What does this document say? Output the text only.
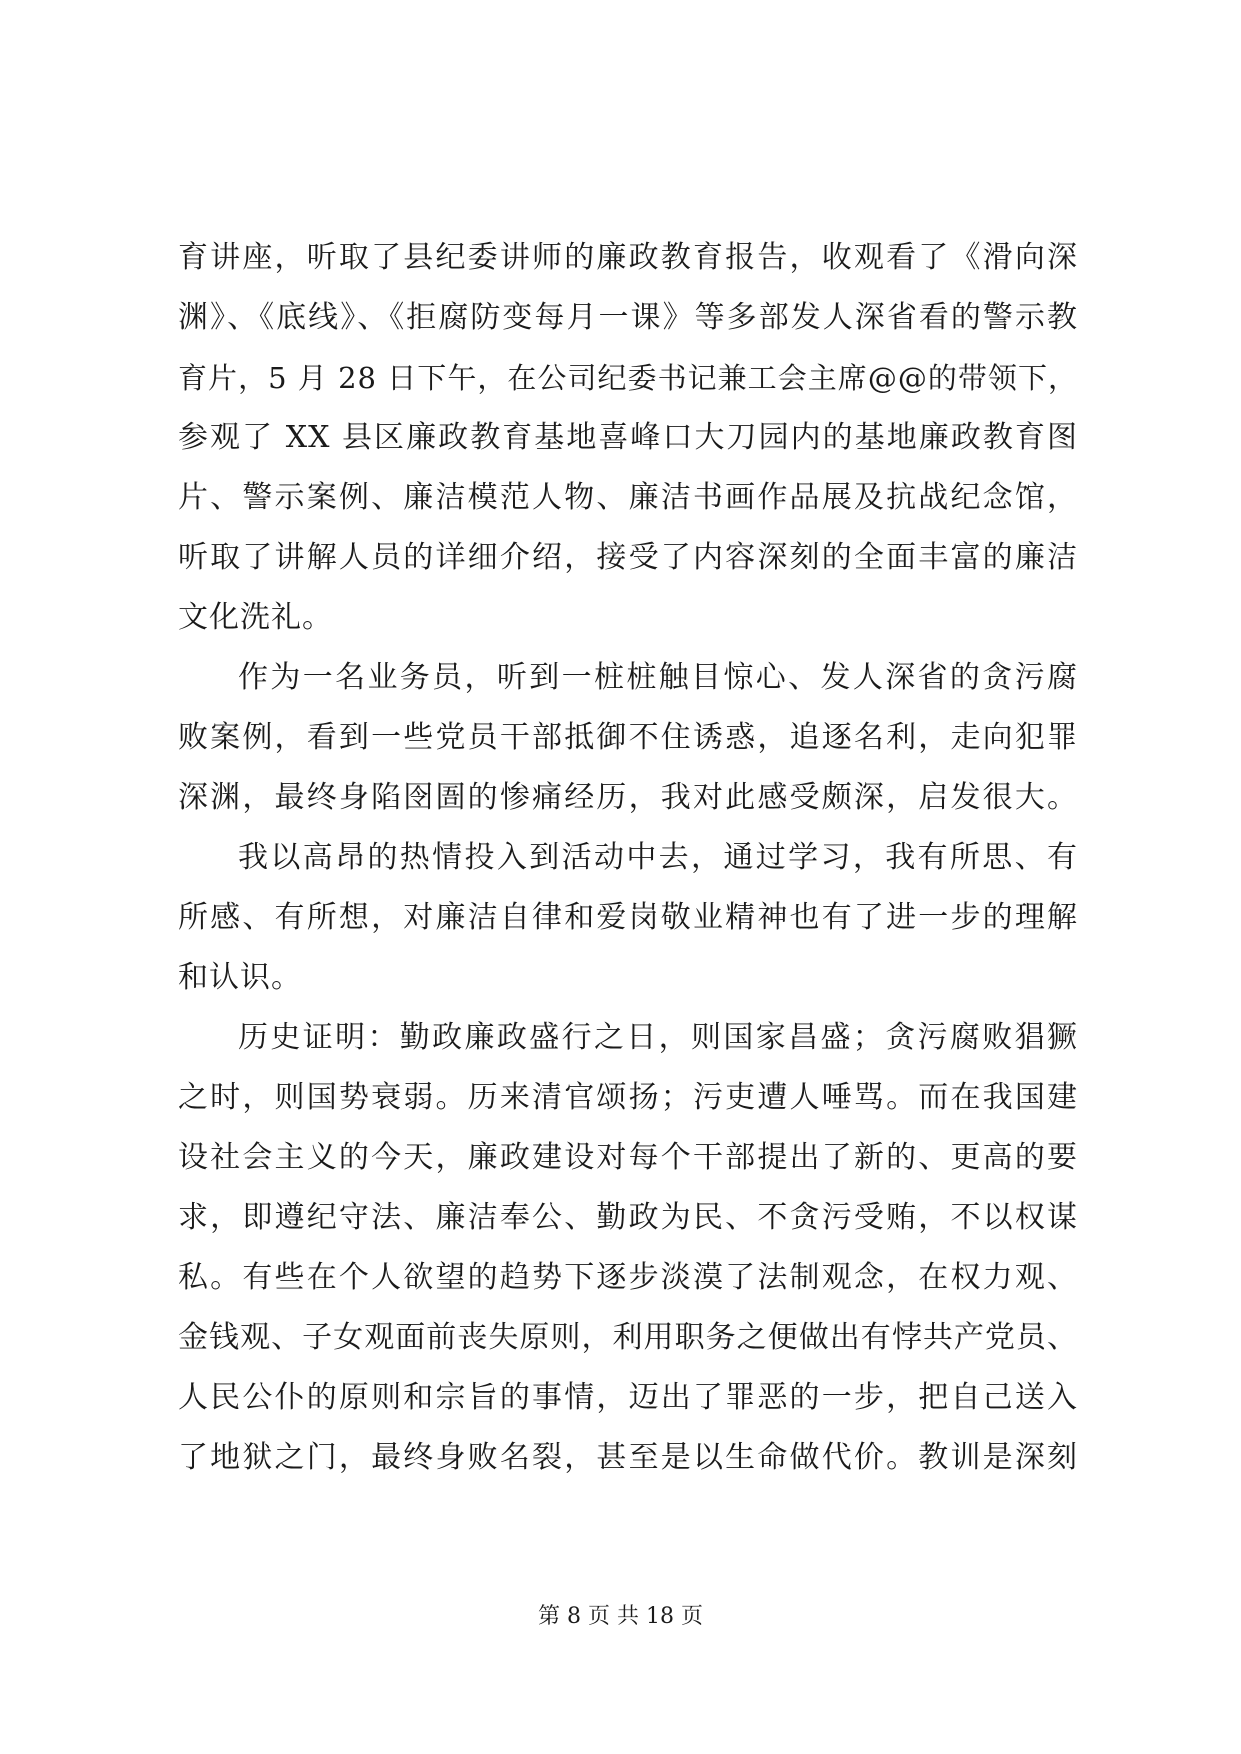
育讲座，听取了县纪委讲师的廉政教育报告，收观看了《滑向深
渊》、《底线》、《拒腐防变每月一课》等多部发人深省看的警示教
育片，5 月 28 日下午，在公司纪委书记兼工会主席@@的带领下，
参观了 XX 县区廉政教育基地喜峰口大刀园内的基地廉政教育图
片、警示案例、廉洁模范人物、廉洁书画作品展及抗战纪念馆，
听取了讲解人员的详细介绍，接受了内容深刻的全面丰富的廉洁
文化洗礼。
作为一名业务员，听到一桩桩触目惊心、发人深省的贪污腐
败案例，看到一些党员干部抵御不住诱惑，追逐名利，走向犯罪
深渊，最终身陷囹圄的惨痛经历，我对此感受颇深，启发很大。
我以高昂的热情投入到活动中去，通过学习，我有所思、有
所感、有所想，对廉洁自律和爱岗敬业精神也有了进一步的理解
和认识。
历史证明：勤政廉政盛行之日，则国家昌盛；贪污腐败猖獗
之时，则国势衰弱。历来清官颂扬；污吏遭人唾骂。而在我国建
设社会主义的今天，廉政建设对每个干部提出了新的、更高的要
求，即遵纪守法、廉洁奉公、勤政为民、不贪污受贿，不以权谋
私。有些在个人欲望的趋势下逐步淡漠了法制观念，在权力观、
金钱观、子女观面前丧失原则，利用职务之便做出有悖共产党员、
人民公仆的原则和宗旨的事情，迈出了罪恶的一步，把自己送入
了地狱之门，最终身败名裂，甚至是以生命做代价。教训是深刻
第 8 页 共 18 页
